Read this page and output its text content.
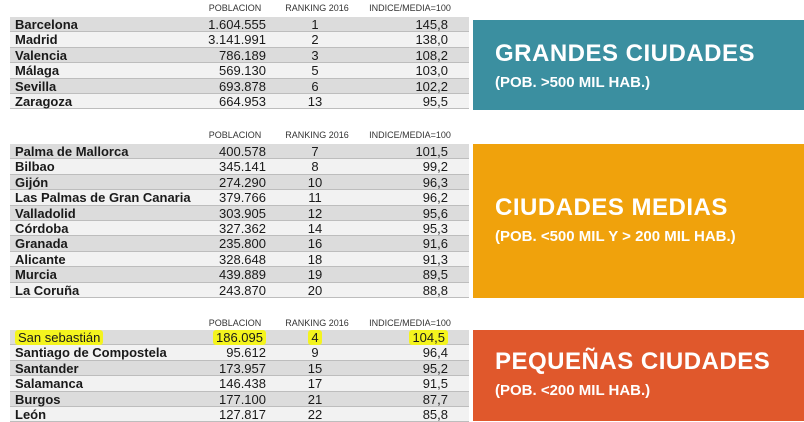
POBLACION	RANKING 2016	INDICE/MEDIA=100
Barcelona	1.604.555	1	145,8
Madrid	3.141.991	2	138,0
Valencia	786.189	3	108,2
Málaga	569.130	5	103,0
Sevilla	693.878	6	102,2
Zaragoza	664.953	13	95,5
GRANDES CIUDADES
(POB. >500 MIL HAB.)
POBLACION	RANKING 2016	INDICE/MEDIA=100
Palma de Mallorca	400.578	7	101,5
Bilbao	345.141	8	99,2
Gijón	274.290	10	96,3
Las Palmas de Gran Canaria	379.766	11	96,2
Valladolid	303.905	12	95,6
Córdoba	327.362	14	95,3
Granada	235.800	16	91,6
Alicante	328.648	18	91,3
Murcia	439.889	19	89,5
La Coruña	243.870	20	88,8
CIUDADES MEDIAS
(POB. <500 MIL Y > 200 MIL HAB.)
POBLACION	RANKING 2016	INDICE/MEDIA=100
San sebastián	186.095	4	104,5
Santiago de Compostela	95.612	9	96,4
Santander	173.957	15	95,2
Salamanca	146.438	17	91,5
Burgos	177.100	21	87,7
León	127.817	22	85,8
PEQUEÑAS CIUDADES
(POB. <200 MIL HAB.)
